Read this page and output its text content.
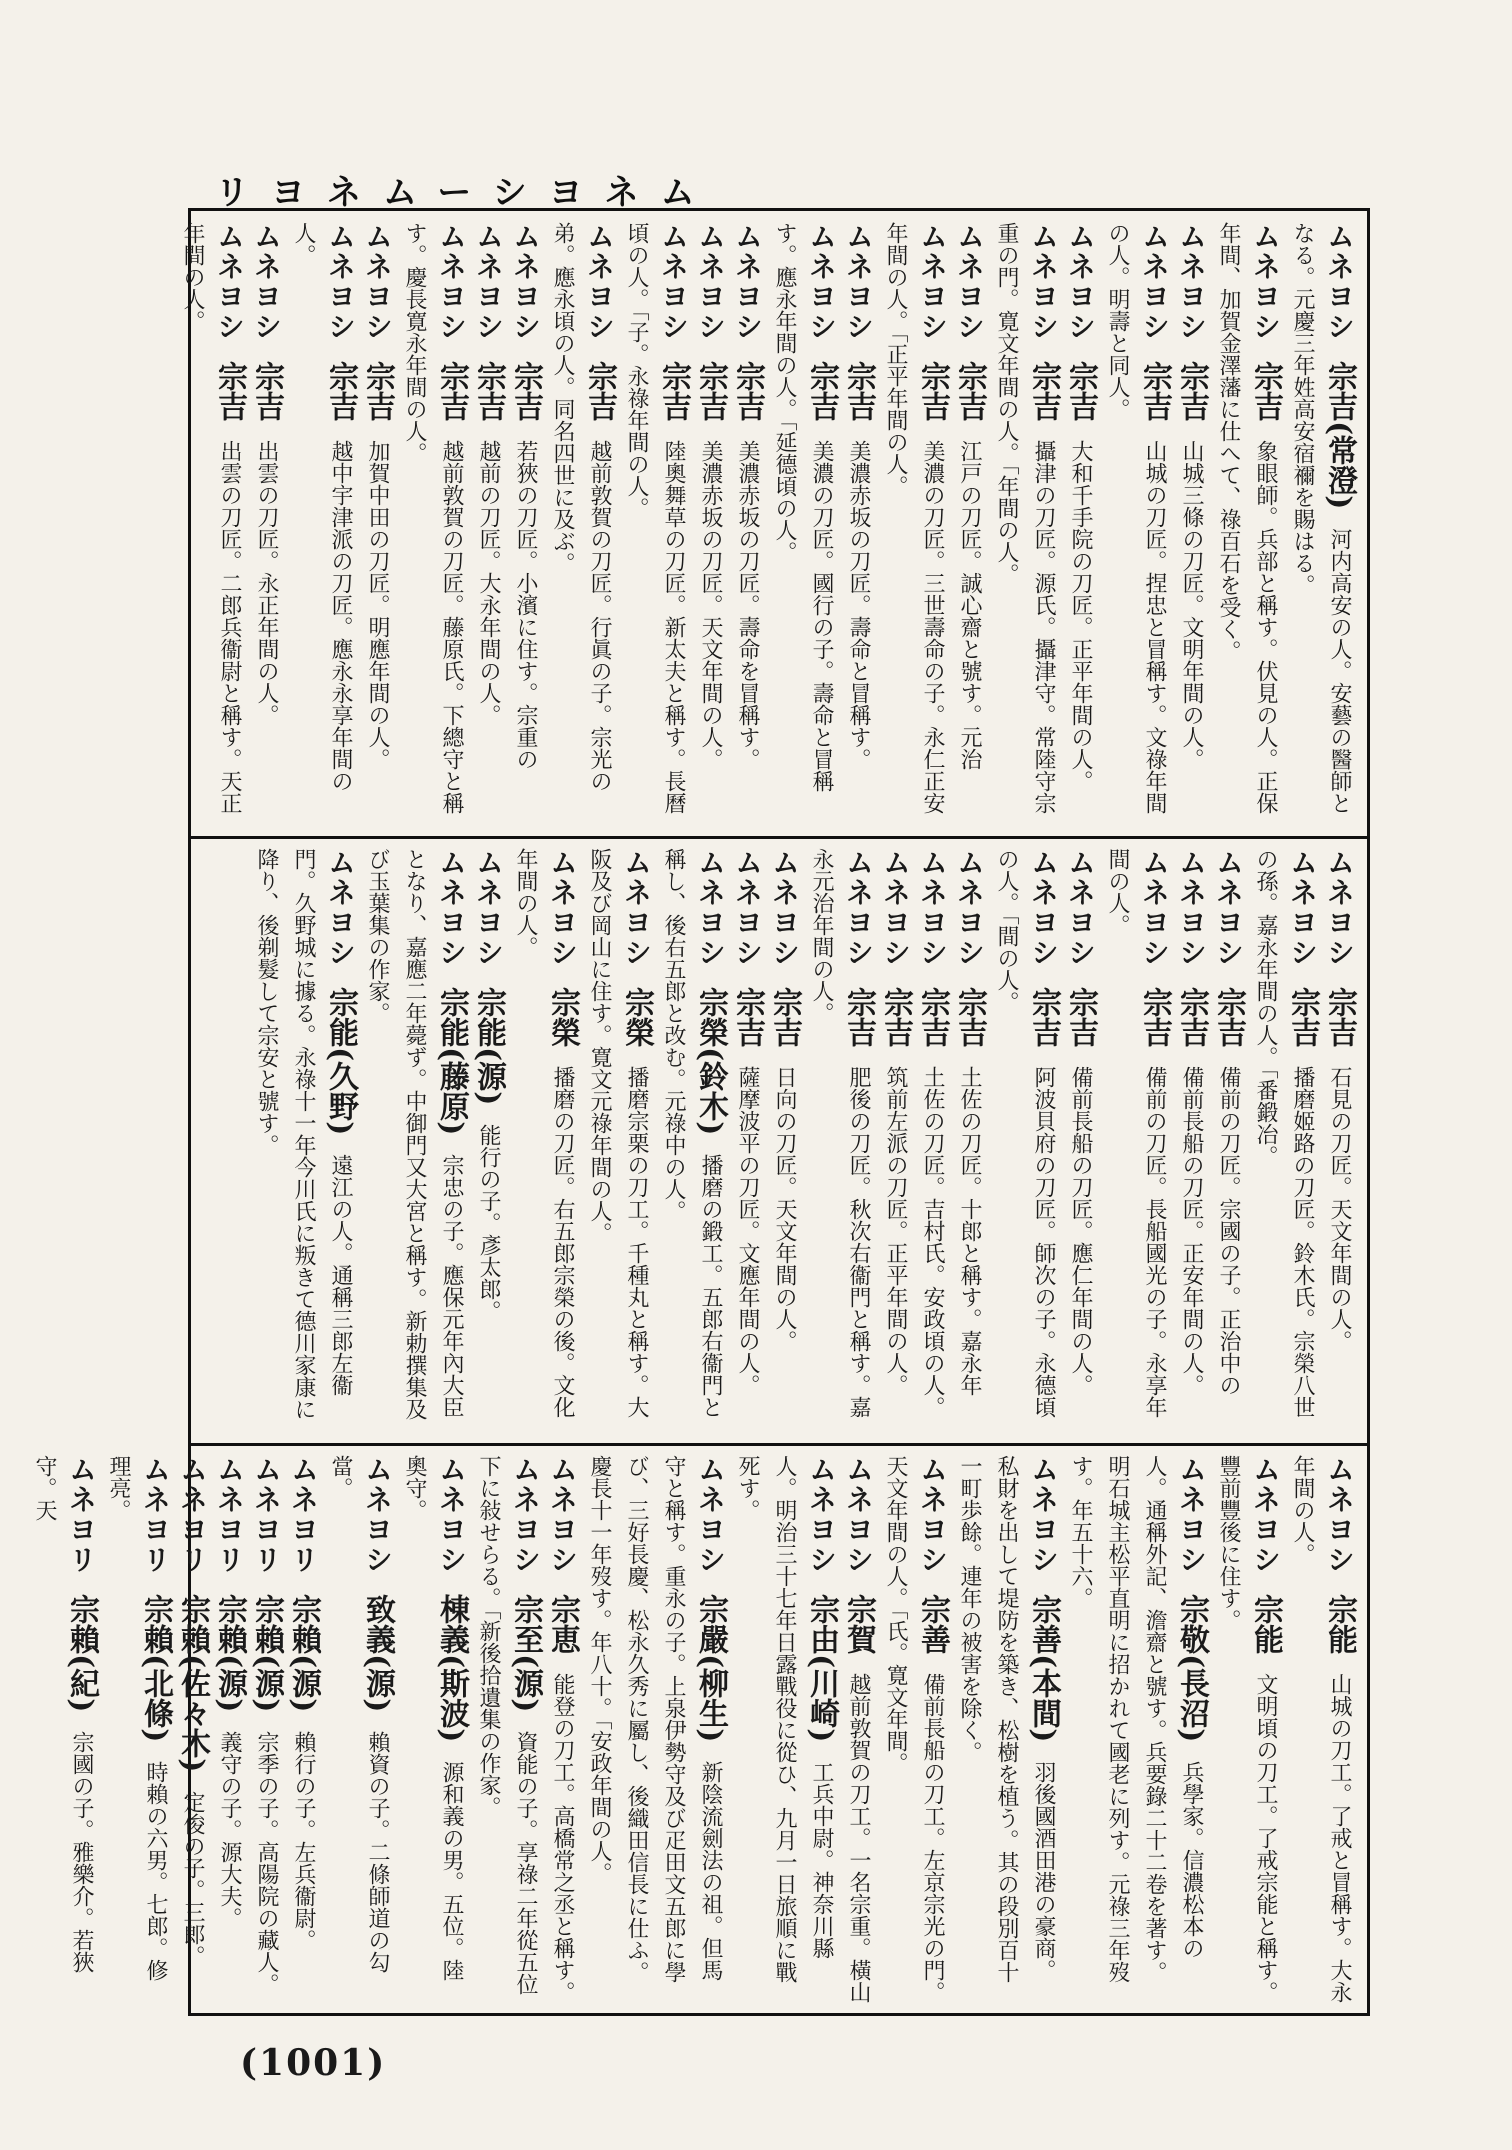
リヨネムーシヨネム
ムネヨシ 宗吉(常澄) 河内高安の人。安藝の醫師となる。元慶三年姓高安宿禰を賜はる。
ムネヨシ 宗吉 象眼師。兵部と稱す。伏見の人。正保年間、加賀金澤藩に仕へて、祿百石を受く。
ムネヨシ 宗吉 山城三條の刀匠。文明年間の人。
ムネヨシ 宗吉 山城の刀匠。捏忠と冒稱す。文祿年間の人。明壽と同人。
ムネヨシ 宗吉 大和千手院の刀匠。正平年間の人。
ムネヨシ 宗吉 攝津の刀匠。源氏。攝津守。常陸守宗重の門。寛文年間の人。「年間の人。
ムネヨシ 宗吉 江戸の刀匠。誠心齋と號す。元治
ムネヨシ 宗吉 美濃の刀匠。三世壽命の子。永仁正安年間の人。「正平年間の人。
ムネヨシ 宗吉 美濃赤坂の刀匠。壽命と冒稱す。
ムネヨシ 宗吉 美濃の刀匠。國行の子。壽命と冒稱す。應永年間の人。「延德頃の人。
ムネヨシ 宗吉 美濃赤坂の刀匠。壽命を冒稱す。
ムネヨシ 宗吉 美濃赤坂の刀匠。天文年間の人。
ムネヨシ 宗吉 陸奧舞草の刀匠。新太夫と稱す。長曆頃の人。「子。永祿年間の人。
ムネヨシ 宗吉 越前敦賀の刀匠。行眞の子。宗光の弟。應永頃の人。同名四世に及ぶ。
ムネヨシ 宗吉 若狹の刀匠。小濱に住す。宗重の
ムネヨシ 宗吉 越前の刀匠。大永年間の人。
ムネヨシ 宗吉 越前敦賀の刀匠。藤原氏。下總守と稱す。慶長寛永年間の人。
ムネヨシ 宗吉 加賀中田の刀匠。明應年間の人。
ムネヨシ 宗吉 越中宇津派の刀匠。應永永享年間の人。
ムネヨシ 宗吉 出雲の刀匠。永正年間の人。
ムネヨシ 宗吉 出雲の刀匠。二郎兵衞尉と稱す。天正年間の人。
ムネヨシ 宗吉 石見の刀匠。天文年間の人。
ムネヨシ 宗吉 播磨姬路の刀匠。鈴木氏。宗榮八世の孫。嘉永年間の人。「番鍛冶。
ムネヨシ 宗吉 備前の刀匠。宗國の子。正治中の
ムネヨシ 宗吉 備前長船の刀匠。正安年間の人。
ムネヨシ 宗吉 備前の刀匠。長船國光の子。永享年間の人。
ムネヨシ 宗吉 備前長船の刀匠。應仁年間の人。
ムネヨシ 宗吉 阿波貝府の刀匠。師次の子。永德頃の人。「間の人。
ムネヨシ 宗吉 土佐の刀匠。十郎と稱す。嘉永年
ムネヨシ 宗吉 土佐の刀匠。吉村氏。安政頃の人。
ムネヨシ 宗吉 筑前左派の刀匠。正平年間の人。
ムネヨシ 宗吉 肥後の刀匠。秋次右衞門と稱す。嘉永元治年間の人。
ムネヨシ 宗吉 日向の刀匠。天文年間の人。
ムネヨシ 宗吉 薩摩波平の刀匠。文應年間の人。
ムネヨシ 宗榮(鈴木) 播磨の鍛工。五郎右衞門と稱し、後右五郎と改む。元祿中の人。
ムネヨシ 宗榮 播磨宗栗の刀工。千種丸と稱す。大阪及び岡山に住す。寛文元祿年間の人。
ムネヨシ 宗榮 播磨の刀匠。右五郎宗榮の後。文化年間の人。
ムネヨシ 宗能(源) 能行の子。彥太郎。
ムネヨシ 宗能(藤原) 宗忠の子。應保元年內大臣となり、嘉應二年薨ず。中御門又大宮と稱す。新勅撰集及び玉葉集の作家。
ムネヨシ 宗能(久野) 遠江の人。通稱三郎左衞門。久野城に據る。永祿十一年今川氏に叛きて德川家康に降り、後剃髮して宗安と號す。
ムネヨシ 宗能 山城の刀工。了戒と冒稱す。大永年間の人。
ムネヨシ 宗能 文明頃の刀工。了戒宗能と稱す。豐前豐後に住す。
ムネヨシ 宗敬(長沼) 兵學家。信濃松本の人。通稱外記、澹齋と號す。兵要錄二十二卷を著す。明石城主松平直明に招かれて國老に列す。元祿三年歿す。年五十六。
ムネヨシ 宗善(本間) 羽後國酒田港の豪商。私財を出して堤防を築き、松樹を植う。其の段別百十一町歩餘。連年の被害を除く。
ムネヨシ 宗善 備前長船の刀工。左京宗光の門。天文年間の人。「氏。寛文年間。
ムネヨシ 宗賀 越前敦賀の刀工。一名宗重。橫山
ムネヨシ 宗由(川崎) 工兵中尉。神奈川縣人。明治三十七年日露戰役に從ひ、九月一日旅順に戰死す。
ムネヨシ 宗嚴(柳生) 新陰流劍法の祖。但馬守と稱す。重永の子。上泉伊勢守及び疋田文五郎に學び、三好長慶、松永久秀に屬し、後織田信長に仕ふ。慶長十一年歿す。年八十。「安政年間の人。
ムネヨシ 宗恵 能登の刀工。高橋常之丞と稱す。
ムネヨシ 宗至(源) 資能の子。享祿二年從五位下に敍せらる。「新後拾遺集の作家。
ムネヨシ 棟義(斯波) 源和義の男。五位。陸奧守。
ムネヨシ 致義(源) 賴資の子。二條師道の勾當。
ムネヨリ 宗賴(源) 賴行の子。左兵衞尉。
ムネヨリ 宗賴(源) 宗季の子。高陽院の藏人。
ムネヨリ 宗賴(源) 義守の子。源大夫。
ムネヨリ 宗賴(佐々木) 定俊の子。三郎。
ムネヨリ 宗賴(北條) 時賴の六男。七郎。修理亮。
ムネヨリ 宗賴(紀) 宗國の子。雅樂介。若狹守。天
(1001)
